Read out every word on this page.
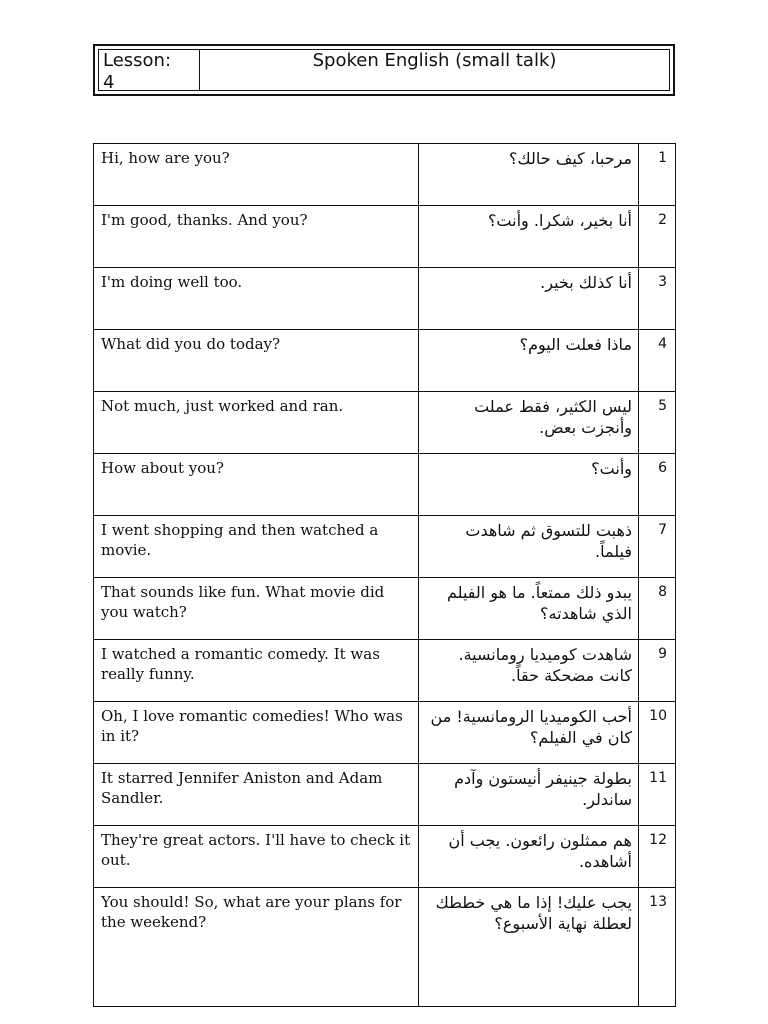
Lesson:
4
Spoken English (small talk)
Hi, how are you?	مرحبا، كيف حالك؟	1
I'm good, thanks. And you?	أنا بخير، شكرا. وأنت؟	2
I'm doing well too.	أنا كذلك بخير.	3
What did you do today?	ماذا فعلت اليوم؟	4
Not much, just worked and ran.	ليس الكثير، فقط عملت وأنجزت بعض.	5
How about you?	وأنت؟	6
I went shopping and then watched a movie.	ذهبت للتسوق ثم شاهدت فيلماً.	7
That sounds like fun. What movie did you watch?	يبدو ذلك ممتعاً. ما هو الفيلم الذي شاهدته؟	8
I watched a romantic comedy. It was really funny.	شاهدت كوميديا رومانسية. كانت مضحكة حقاً.	9
Oh, I love romantic comedies! Who was in it?	أحب الكوميديا الرومانسية! من كان في الفيلم؟	10
It starred Jennifer Aniston and Adam Sandler.	بطولة جينيفر أنيستون وآدم ساندلر.	11
They're great actors. I'll have to check it out.	هم ممثلون رائعون. يجب أن أشاهده.	12
You should! So, what are your plans for the weekend?	يجب عليك! إذا ما هي خططك لعطلة نهاية الأسبوع؟	13
